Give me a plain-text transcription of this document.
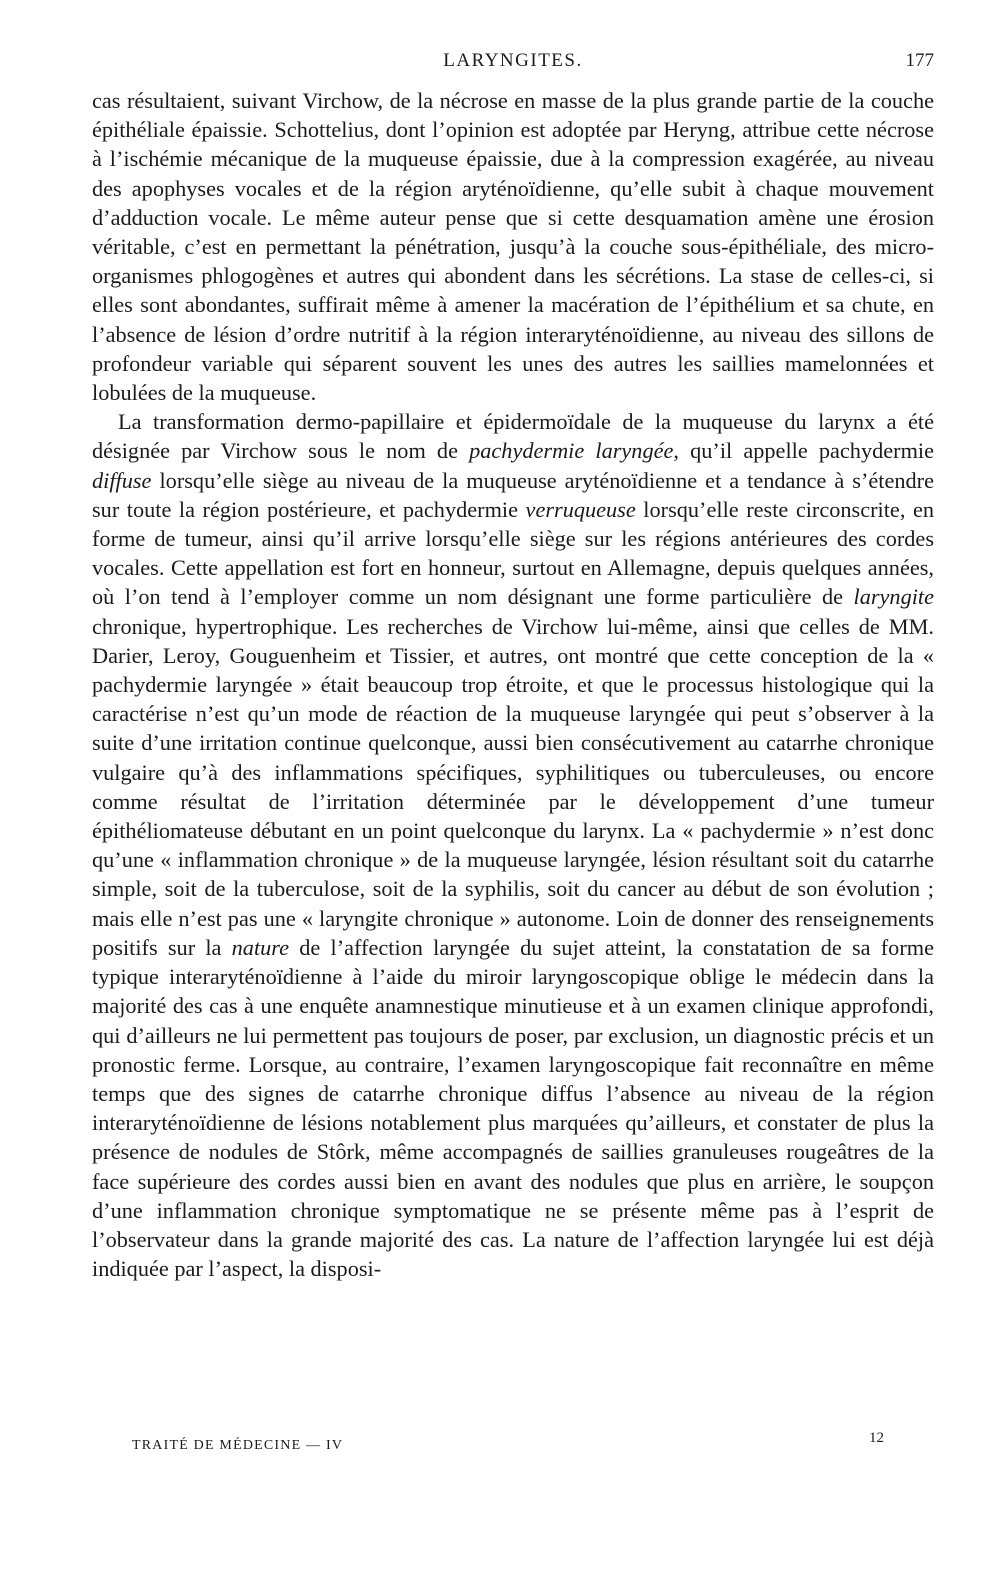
LARYNGITES.	177

cas résultaient, suivant Virchow, de la nécrose en masse de la plus grande partie de la couche épithéliale épaissie. Schottelius, dont l’opinion est adoptée par Heryng, attribue cette nécrose à l’ischémie mécanique de la muqueuse épaissie, due à la compression exagérée, au niveau des apophyses vocales et de la région aryténoïdienne, qu’elle subit à chaque mouvement d’adduction vocale. Le même auteur pense que si cette desquamation amène une érosion véritable, c’est en permettant la pénétration, jusqu’à la couche sous-épithéliale, des micro-organismes phlogogènes et autres qui abondent dans les sécrétions. La stase de celles-ci, si elles sont abondantes, suffirait même à amener la macération de l’épithélium et sa chute, en l’absence de lésion d’ordre nutritif à la région interaryténoïdienne, au niveau des sillons de profondeur variable qui séparent souvent les unes des autres les saillies mamelonnées et lobulées de la muqueuse.

La transformation dermo-papillaire et épidermoïdale de la muqueuse du larynx a été désignée par Virchow sous le nom de pachydermie laryngée, qu’il appelle pachydermie diffuse lorsqu’elle siège au niveau de la muqueuse aryténoïdienne et a tendance à s’étendre sur toute la région postérieure, et pachydermie verruqueuse lorsqu’elle reste circonscrite, en forme de tumeur, ainsi qu’il arrive lorsqu’elle siège sur les régions antérieures des cordes vocales. Cette appellation est fort en honneur, surtout en Allemagne, depuis quelques années, où l’on tend à l’employer comme un nom désignant une forme particulière de laryngite chronique, hypertrophique. Les recherches de Virchow lui-même, ainsi que celles de MM. Darier, Leroy, Gouguenheim et Tissier, et autres, ont montré que cette conception de la « pachydermie laryngée » était beaucoup trop étroite, et que le processus histologique qui la caractérise n’est qu’un mode de réaction de la muqueuse laryngée qui peut s’observer à la suite d’une irritation continue quelconque, aussi bien consécutivement au catarrhe chronique vulgaire qu’à des inflammations spécifiques, syphilitiques ou tuberculeuses, ou encore comme résultat de l’irritation déterminée par le développement d’une tumeur épithéliomateuse débutant en un point quelconque du larynx. La « pachydermie » n’est donc qu’une « inflammation chronique » de la muqueuse laryngée, lésion résultant soit du catarrhe simple, soit de la tuberculose, soit de la syphilis, soit du cancer au début de son évolution ; mais elle n’est pas une « laryngite chronique » autonome. Loin de donner des renseignements positifs sur la nature de l’affection laryngée du sujet atteint, la constatation de sa forme typique interaryténoïdienne à l’aide du miroir laryngoscopique oblige le médecin dans la majorité des cas à une enquête anamnestique minutieuse et à un examen clinique approfondi, qui d’ailleurs ne lui permettent pas toujours de poser, par exclusion, un diagnostic précis et un pronostic ferme. Lorsque, au contraire, l’examen laryngoscopique fait reconnaître en même temps que des signes de catarrhe chronique diffus l’absence au niveau de la région interaryténoïdienne de lésions notablement plus marquées qu’ailleurs, et constater de plus la présence de nodules de Stôrk, même accompagnés de saillies granuleuses rougeâtres de la face supérieure des cordes aussi bien en avant des nodules que plus en arrière, le soupçon d’une inflammation chronique symptomatique ne se présente même pas à l’esprit de l’observateur dans la grande majorité des cas. La nature de l’affection laryngée lui est déjà indiquée par l’aspect, la disposi-

TRAITÉ DE MÉDECINE — IV	12
